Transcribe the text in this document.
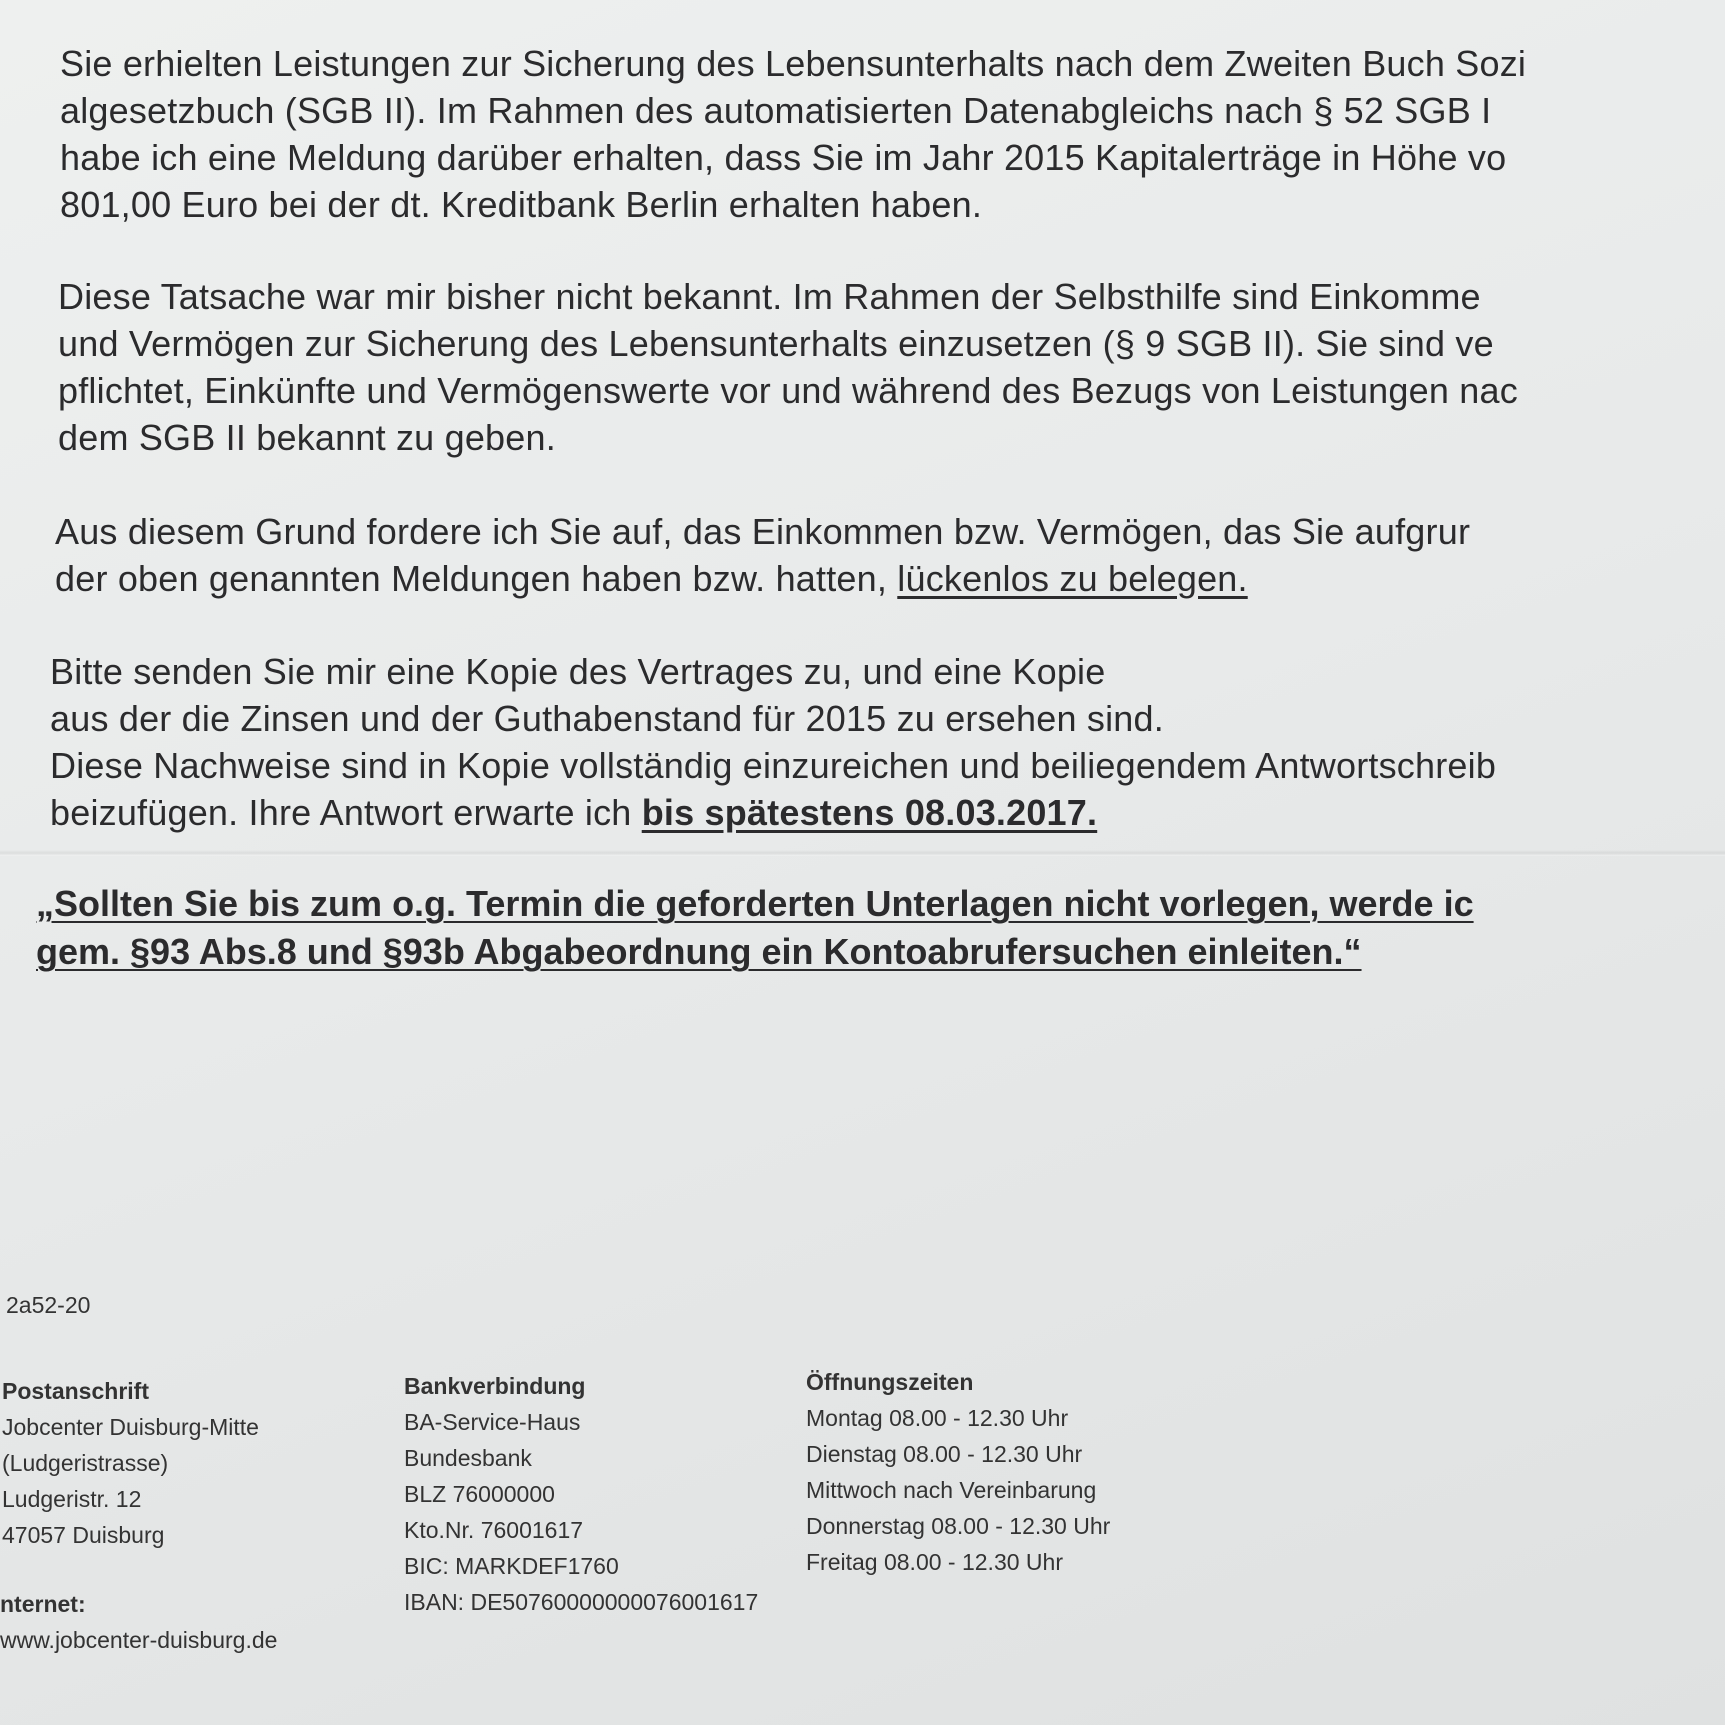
Sie erhielten Leistungen zur Sicherung des Lebensunterhalts nach dem Zweiten Buch Sozi
algesetzbuch (SGB II). Im Rahmen des automatisierten Datenabgleichs nach § 52 SGB I
habe ich eine Meldung darüber erhalten, dass Sie im Jahr 2015 Kapitalerträge in Höhe vo
801,00 Euro bei der dt. Kreditbank Berlin erhalten haben.
Diese Tatsache war mir bisher nicht bekannt. Im Rahmen der Selbsthilfe sind Einkomme
und Vermögen zur Sicherung des Lebensunterhalts einzusetzen (§ 9 SGB II). Sie sind ve
pflichtet, Einkünfte und Vermögenswerte vor und während des Bezugs von Leistungen nac
dem SGB II bekannt zu geben.
Aus diesem Grund fordere ich Sie auf, das Einkommen bzw. Vermögen, das Sie aufgrur
der oben genannten Meldungen haben bzw. hatten, lückenlos zu belegen.
Bitte senden Sie mir eine Kopie des Vertrages zu, und eine Kopie
aus der die Zinsen und der Guthabenstand für 2015 zu ersehen sind.
Diese Nachweise sind in Kopie vollständig einzureichen und beiliegendem Antwortschreib
beizufügen. Ihre Antwort erwarte ich bis spätestens 08.03.2017.
„Sollten Sie bis zum o.g. Termin die geforderten Unterlagen nicht vorlegen, werde ic
gem. §93 Abs.8 und §93b Abgabeordnung ein Kontoabrufersuchen einleiten.“
2a52-20
Postanschrift
Jobcenter Duisburg-Mitte
(Ludgeristrasse)
Ludgeristr. 12
47057 Duisburg
Bankverbindung
BA-Service-Haus
Bundesbank
BLZ 76000000
Kto.Nr. 76001617
BIC: MARKDEF1760
IBAN: DE50760000000076001617
Öffnungszeiten
Montag 08.00 - 12.30 Uhr
Dienstag 08.00 - 12.30 Uhr
Mittwoch nach Vereinbarung
Donnerstag 08.00 - 12.30 Uhr
Freitag 08.00 - 12.30 Uhr
nternet:
www.jobcenter-duisburg.de
